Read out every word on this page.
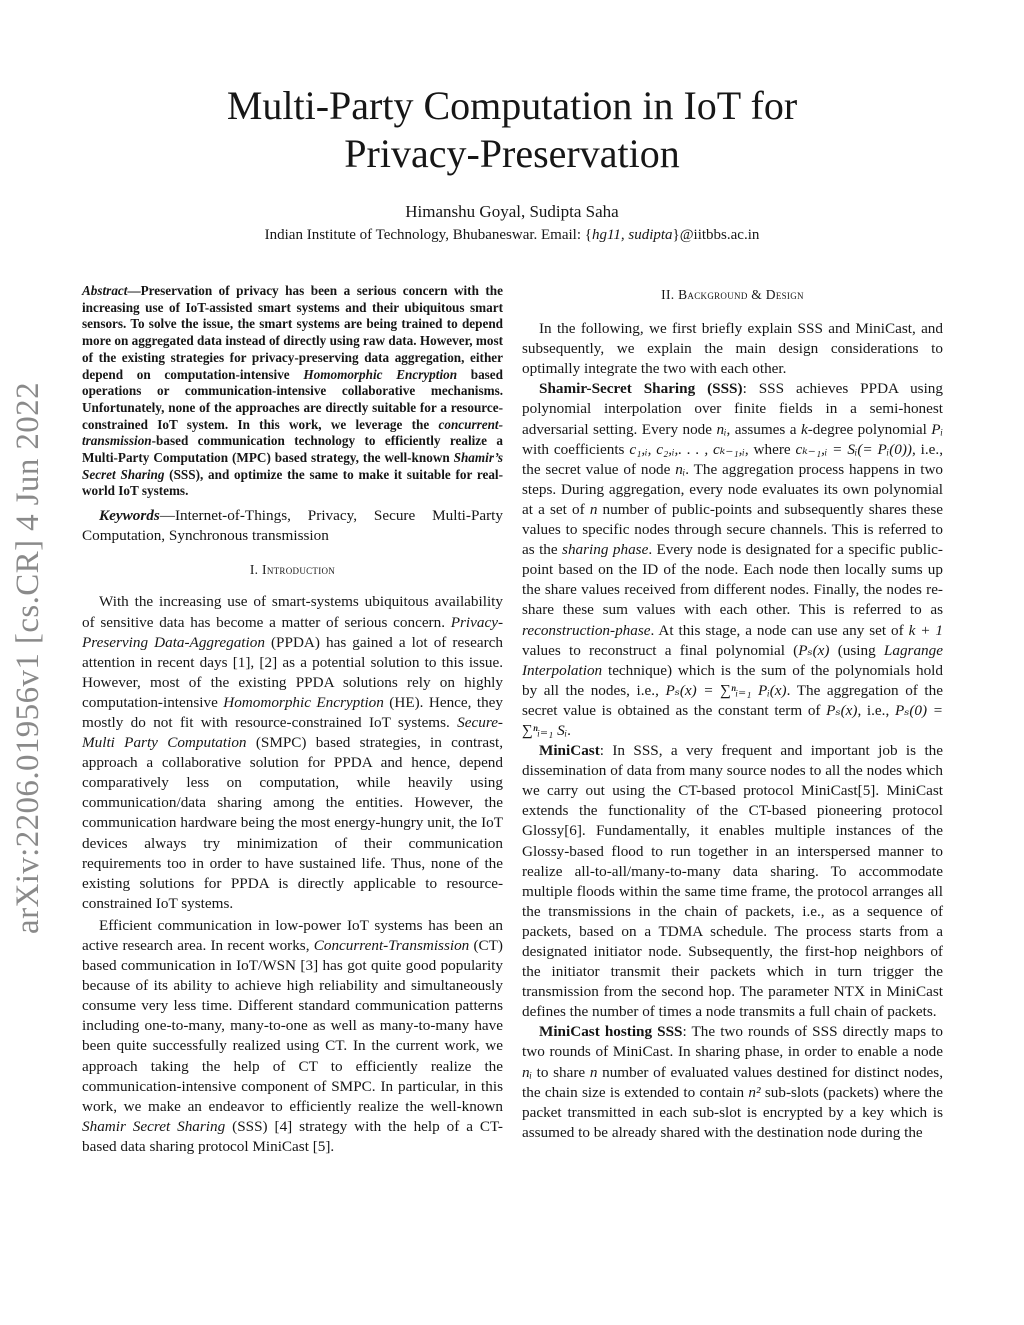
arXiv:2206.01956v1 [cs.CR] 4 Jun 2022
Multi-Party Computation in IoT for
Privacy-Preservation
Himanshu Goyal, Sudipta Saha
Indian Institute of Technology, Bhubaneswar. Email: {hg11, sudipta}@iitbbs.ac.in

Abstract—Preservation of privacy has been a serious concern with the increasing use of IoT-assisted smart systems and their ubiquitous smart sensors. To solve the issue, the smart systems are being trained to depend more on aggregated data instead of directly using raw data. However, most of the existing strategies for privacy-preserving data aggregation, either depend on computation-intensive Homomorphic Encryption based operations or communication-intensive collaborative mechanisms. Unfortunately, none of the approaches are directly suitable for a resource-constrained IoT system. In this work, we leverage the concurrent-transmission-based communication technology to efficiently realize a Multi-Party Computation (MPC) based strategy, the well-known Shamir’s Secret Sharing (SSS), and optimize the same to make it suitable for real-world IoT systems.

Keywords—Internet-of-Things, Privacy, Secure Multi-Party Computation, Synchronous transmission

I. Introduction

With the increasing use of smart-systems ubiquitous availability of sensitive data has become a matter of serious concern. Privacy-Preserving Data-Aggregation (PPDA) has gained a lot of research attention in recent days [1], [2] as a potential solution to this issue. However, most of the existing PPDA solutions rely on highly computation-intensive Homomorphic Encryption (HE). Hence, they mostly do not fit with resource-constrained IoT systems. Secure-Multi Party Computation (SMPC) based strategies, in contrast, approach a collaborative solution for PPDA and hence, depend comparatively less on computation, while heavily using communication/data sharing among the entities. However, the communication hardware being the most energy-hungry unit, the IoT devices always try minimization of their communication requirements too in order to have sustained life. Thus, none of the existing solutions for PPDA is directly applicable to resource-constrained IoT systems.

Efficient communication in low-power IoT systems has been an active research area. In recent works, Concurrent-Transmission (CT) based communication in IoT/WSN [3] has got quite good popularity because of its ability to achieve high reliability and simultaneously consume very less time. Different standard communication patterns including one-to-many, many-to-one as well as many-to-many have been quite successfully realized using CT. In the current work, we approach taking the help of CT to efficiently realize the communication-intensive component of SMPC. In particular, in this work, we make an endeavor to efficiently realize the well-known Shamir Secret Sharing (SSS) [4] strategy with the help of a CT-based data sharing protocol MiniCast [5].

II. Background & Design

In the following, we first briefly explain SSS and MiniCast, and subsequently, we explain the main design considerations to optimally integrate the two with each other.

Shamir-Secret Sharing (SSS): SSS achieves PPDA using polynomial interpolation over finite fields in a semi-honest adversarial setting. Every node nᵢ, assumes a k-degree polynomial Pᵢ with coefficients c₁,ᵢ, c₂,ᵢ,. . . , cₖ₋₁,ᵢ, where cₖ₋₁,ᵢ = Sᵢ(= Pᵢ(0)), i.e., the secret value of node nᵢ. The aggregation process happens in two steps. During aggregation, every node evaluates its own polynomial at a set of n number of public-points and subsequently shares these values to specific nodes through secure channels. This is referred to as the sharing phase. Every node is designated for a specific public-point based on the ID of the node. Each node then locally sums up the share values received from different nodes. Finally, the nodes re-share these sum values with each other. This is referred to as reconstruction-phase. At this stage, a node can use any set of k + 1 values to reconstruct a final polynomial (Pₛ(x) (using Lagrange Interpolation technique) which is the sum of the polynomials hold by all the nodes, i.e., Pₛ(x) = ∑ⁿᵢ₌₁ Pᵢ(x). The aggregation of the secret value is obtained as the constant term of Pₛ(x), i.e., Pₛ(0) = ∑ⁿᵢ₌₁ Sᵢ.

MiniCast: In SSS, a very frequent and important job is the dissemination of data from many source nodes to all the nodes which we carry out using the CT-based protocol MiniCast[5]. MiniCast extends the functionality of the CT-based pioneering protocol Glossy[6]. Fundamentally, it enables multiple instances of the Glossy-based flood to run together in an interspersed manner to realize all-to-all/many-to-many data sharing. To accommodate multiple floods within the same time frame, the protocol arranges all the transmissions in the chain of packets, i.e., as a sequence of packets, based on a TDMA schedule. The process starts from a designated initiator node. Subsequently, the first-hop neighbors of the initiator transmit their packets which in turn trigger the transmission from the second hop. The parameter NTX in MiniCast defines the number of times a node transmits a full chain of packets.

MiniCast hosting SSS: The two rounds of SSS directly maps to two rounds of MiniCast. In sharing phase, in order to enable a node nᵢ to share n number of evaluated values destined for distinct nodes, the chain size is extended to contain n² sub-slots (packets) where the packet transmitted in each sub-slot is encrypted by a key which is assumed to be already shared with the destination node during the
